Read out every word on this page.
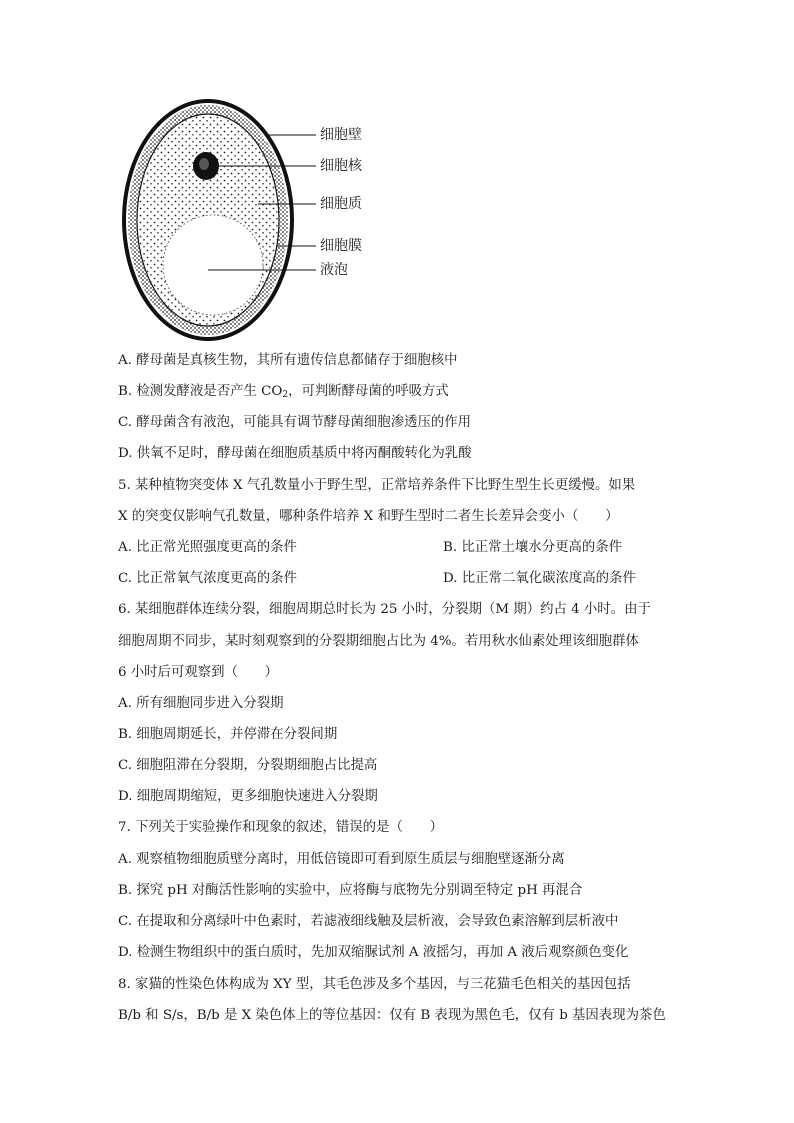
细胞壁
细胞核
细胞质
细胞膜
液泡
A. 酵母菌是真核生物，其所有遗传信息都储存于细胞核中
B. 检测发酵液是否产生 $CO_2$，可判断酵母菌的呼吸方式
C. 酵母菌含有液泡，可能具有调节酵母菌细胞渗透压的作用
D. 供氧不足时，酵母菌在细胞质基质中将丙酮酸转化为乳酸
5. 某种植物突变体 X 气孔数量小于野生型，正常培养条件下比野生型生长更缓慢。如果
X 的突变仅影响气孔数量，哪种条件培养 X 和野生型时二者生长差异会变小（　　）
A. 比正常光照强度更高的条件	B. 比正常土壤水分更高的条件
C. 比正常氧气浓度更高的条件	D. 比正常二氧化碳浓度高的条件
6. 某细胞群体连续分裂，细胞周期总时长为 25 小时，分裂期（M 期）约占 4 小时。由于
细胞周期不同步，某时刻观察到的分裂期细胞占比为 4%。若用秋水仙素处理该细胞群体
6 小时后可观察到（　　）
A. 所有细胞同步进入分裂期
B. 细胞周期延长，并停滞在分裂间期
C. 细胞阻滞在分裂期，分裂期细胞占比提高
D. 细胞周期缩短，更多细胞快速进入分裂期
7. 下列关于实验操作和现象的叙述，错误的是（　　）
A. 观察植物细胞质壁分离时，用低倍镜即可看到原生质层与细胞壁逐渐分离
B. 探究 pH 对酶活性影响的实验中，应将酶与底物先分别调至特定 pH 再混合
C. 在提取和分离绿叶中色素时，若滤液细线触及层析液，会导致色素溶解到层析液中
D. 检测生物组织中的蛋白质时，先加双缩脲试剂 A 液摇匀，再加 A 液后观察颜色变化
8. 家猫的性染色体构成为 XY 型，其毛色涉及多个基因，与三花猫毛色相关的基因包括
B/b 和 S/s，B/b 是 X 染色体上的等位基因：仅有 B 表现为黑色毛，仅有 b 基因表现为茶色
